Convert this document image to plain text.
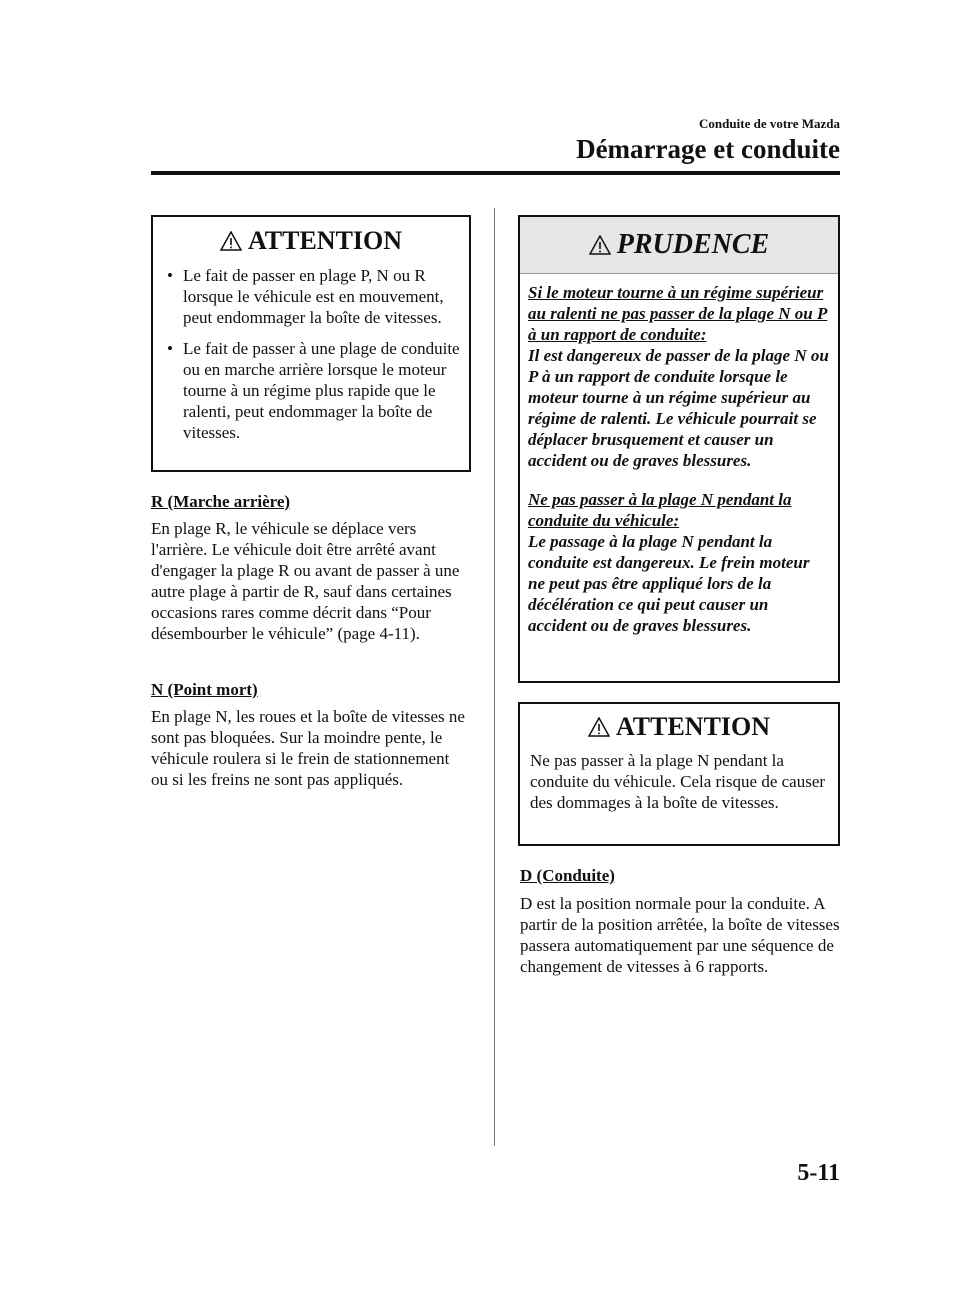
Conduite de votre Mazda
Démarrage et conduite
ATTENTION
• Le fait de passer en plage P, N ou R lorsque le véhicule est en mouvement, peut endommager la boîte de vitesses.
• Le fait de passer à une plage de conduite ou en marche arrière lorsque le moteur tourne à un régime plus rapide que le ralenti, peut endommager la boîte de vitesses.
R (Marche arrière)

En plage R, le véhicule se déplace vers l'arrière. Le véhicule doit être arrêté avant d'engager la plage R ou avant de passer à une autre plage à partir de R, sauf dans certaines occasions rares comme décrit dans “Pour désembourber le véhicule” (page 4-11).

N (Point mort)

En plage N, les roues et la boîte de vitesses ne sont pas bloquées. Sur la moindre pente, le véhicule roulera si le frein de stationnement ou si les freins ne sont pas appliqués.

PRUDENCE

Si le moteur tourne à un régime supérieur au ralenti ne pas passer de la plage N ou P à un rapport de conduite:

Il est dangereux de passer de la plage N ou P à un rapport de conduite lorsque le moteur tourne à un régime supérieur au régime de ralenti. Le véhicule pourrait se déplacer brusquement et causer un accident ou de graves blessures.

Ne pas passer à la plage N pendant la conduite du véhicule:

Le passage à la plage N pendant la conduite est dangereux. Le frein moteur ne peut pas être appliqué lors de la décélération ce qui peut causer un accident ou de graves blessures.

ATTENTION
Ne pas passer à la plage N pendant la conduite du véhicule. Cela risque de causer des dommages à la boîte de vitesses.
D (Conduite)

D est la position normale pour la conduite. A partir de la position arrêtée, la boîte de vitesses passera automatiquement par une séquence de changement de vitesses à 6 rapports.

5-11
